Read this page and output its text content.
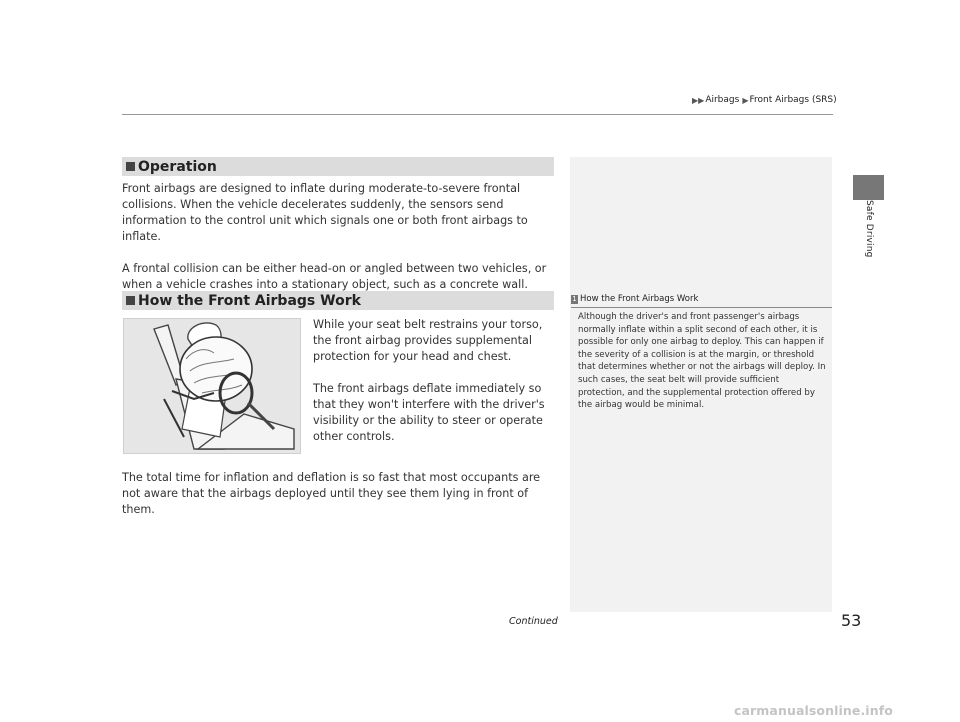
▶▶ Airbags ▶ Front Airbags (SRS)
Safe Driving
Operation

Front airbags are designed to inflate during moderate-to-severe frontal collisions. When the vehicle decelerates suddenly, the sensors send information to the control unit which signals one or both front airbags to inflate.

A frontal collision can be either head-on or angled between two vehicles, or when a vehicle crashes into a stationary object, such as a concrete wall.

How the Front Airbags Work

While your seat belt restrains your torso, the front airbag provides supplemental protection for your head and chest.

The front airbags deflate immediately so that they won't interfere with the driver's visibility or the ability to steer or operate other controls.

The total time for inflation and deflation is so fast that most occupants are not aware that the airbags deployed until they see them lying in front of them.

1 How the Front Airbags Work
Although the driver's and front passenger's airbags normally inflate within a split second of each other, it is possible for only one airbag to deploy. This can happen if the severity of a collision is at the margin, or threshold that determines whether or not the airbags will deploy. In such cases, the seat belt will provide sufficient protection, and the supplemental protection offered by the airbag would be minimal.
Continued	53
carmanualsonline.info
